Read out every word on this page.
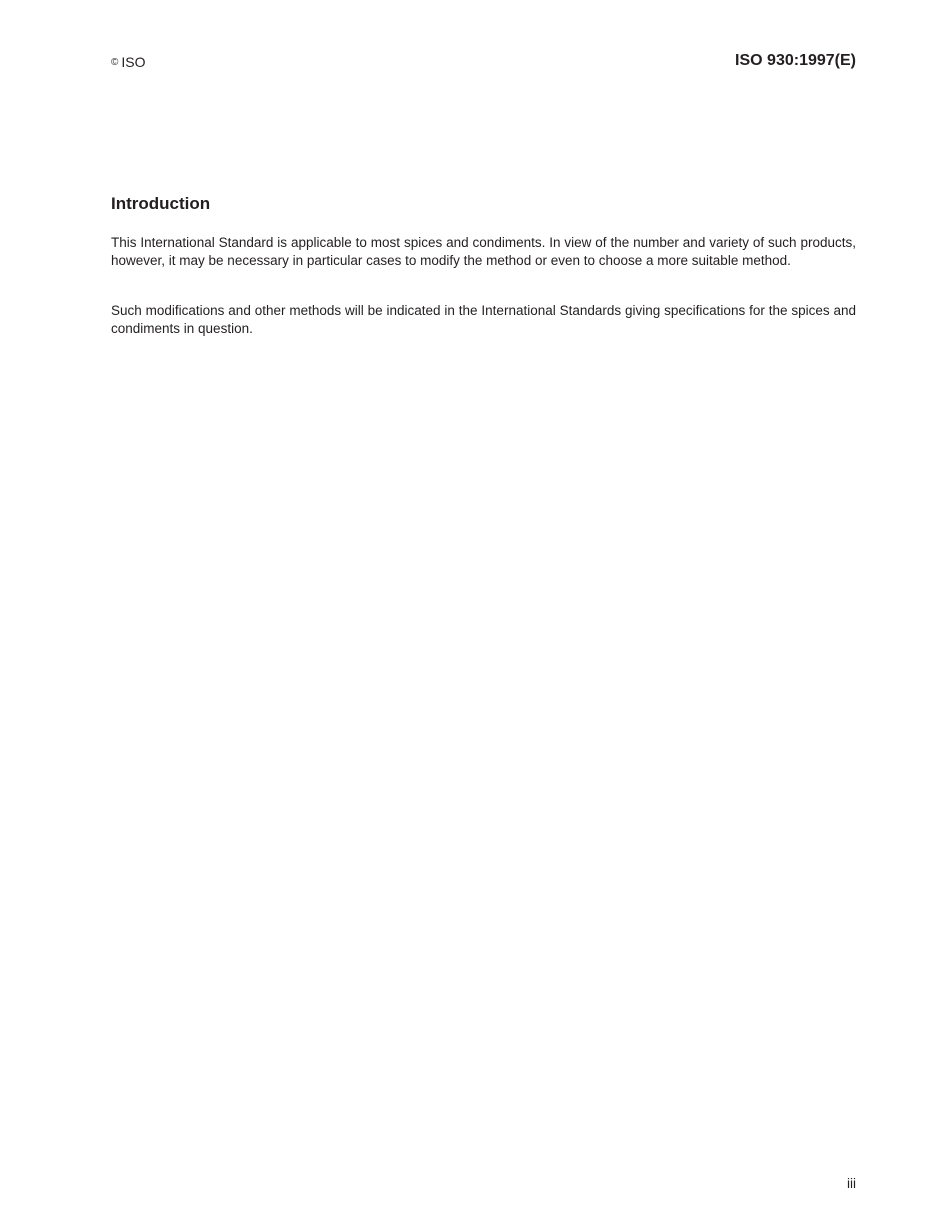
© ISO	ISO 930:1997(E)
Introduction

This International Standard is applicable to most spices and condiments. In view of the number and variety of such products, however, it may be necessary in particular cases to modify the method or even to choose a more suitable method.

Such modifications and other methods will be indicated in the International Standards giving specifications for the spices and condiments in question.

iii
